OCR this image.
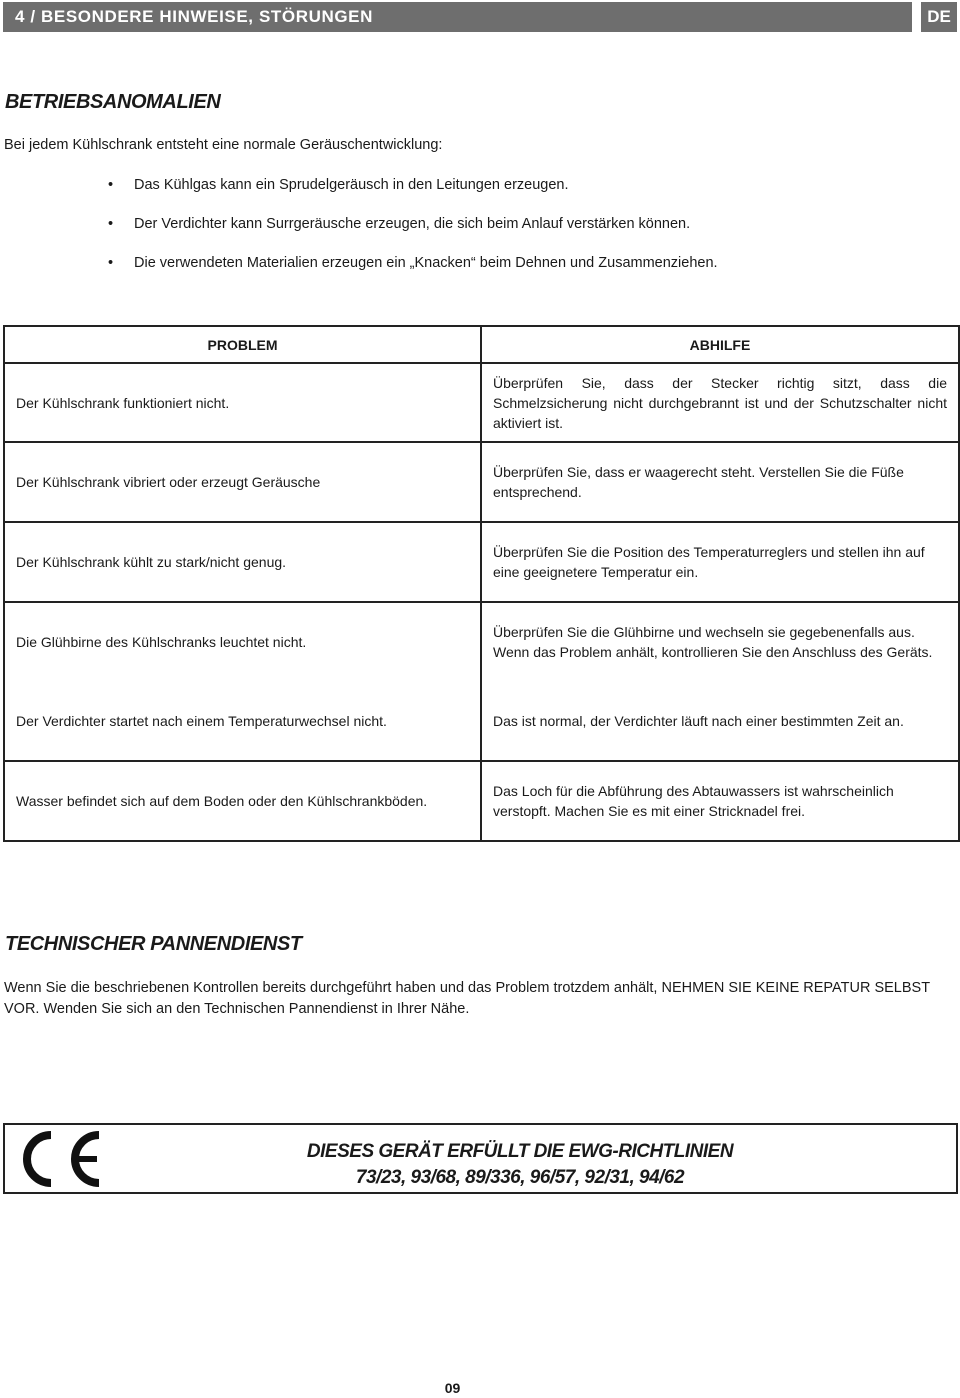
4 / BESONDERE HINWEISE, STÖRUNGEN	DE
BETRIEBSANOMALIEN

Bei jedem Kühlschrank entsteht eine normale Geräuschentwicklung:

• Das Kühlgas kann ein Sprudelgeräusch in den Leitungen erzeugen.
• Der Verdichter kann Surrgeräusche erzeugen, die sich beim Anlauf verstärken können.
• Die verwendeten Materialien erzeugen ein „Knacken“ beim Dehnen und Zusammenziehen.
PROBLEM	ABHILFE
Der Kühlschrank funktioniert nicht.	Überprüfen Sie, dass der Stecker richtig sitzt, dass die Schmelzsicherung nicht durchgebrannt ist und der Schutzschalter nicht aktiviert ist.
Der Kühlschrank vibriert oder erzeugt Geräusche	Überprüfen Sie, dass er waagerecht steht. Verstellen Sie die Füße entsprechend.
Der Kühlschrank kühlt zu stark/nicht genug.	Überprüfen Sie die Position des Temperaturreglers und stellen ihn auf eine geeignetere Temperatur ein.
Die Glühbirne des Kühlschranks leuchtet nicht.	Überprüfen Sie die Glühbirne und wechseln sie gegebenenfalls aus. Wenn das Problem anhält, kontrollieren Sie den Anschluss des Geräts.
Der Verdichter startet nach einem Temperaturwechsel nicht.	Das ist normal, der Verdichter läuft nach einer bestimmten Zeit an.
Wasser befindet sich auf dem Boden oder den Kühlschrankböden.	Das Loch für die Abführung des Abtauwassers ist wahrscheinlich verstopft. Machen Sie es mit einer Stricknadel frei.
TECHNISCHER PANNENDIENST

Wenn Sie die beschriebenen Kontrollen bereits durchgeführt haben und das Problem trotzdem anhält, NEHMEN SIE KEINE REPATUR SELBST VOR. Wenden Sie sich an den Technischen Pannendienst in Ihrer Nähe.

DIESES GERÄT ERFÜLLT DIE EWG-RICHTLINIEN
73/23, 93/68, 89/336, 96/57, 92/31, 94/62
09
